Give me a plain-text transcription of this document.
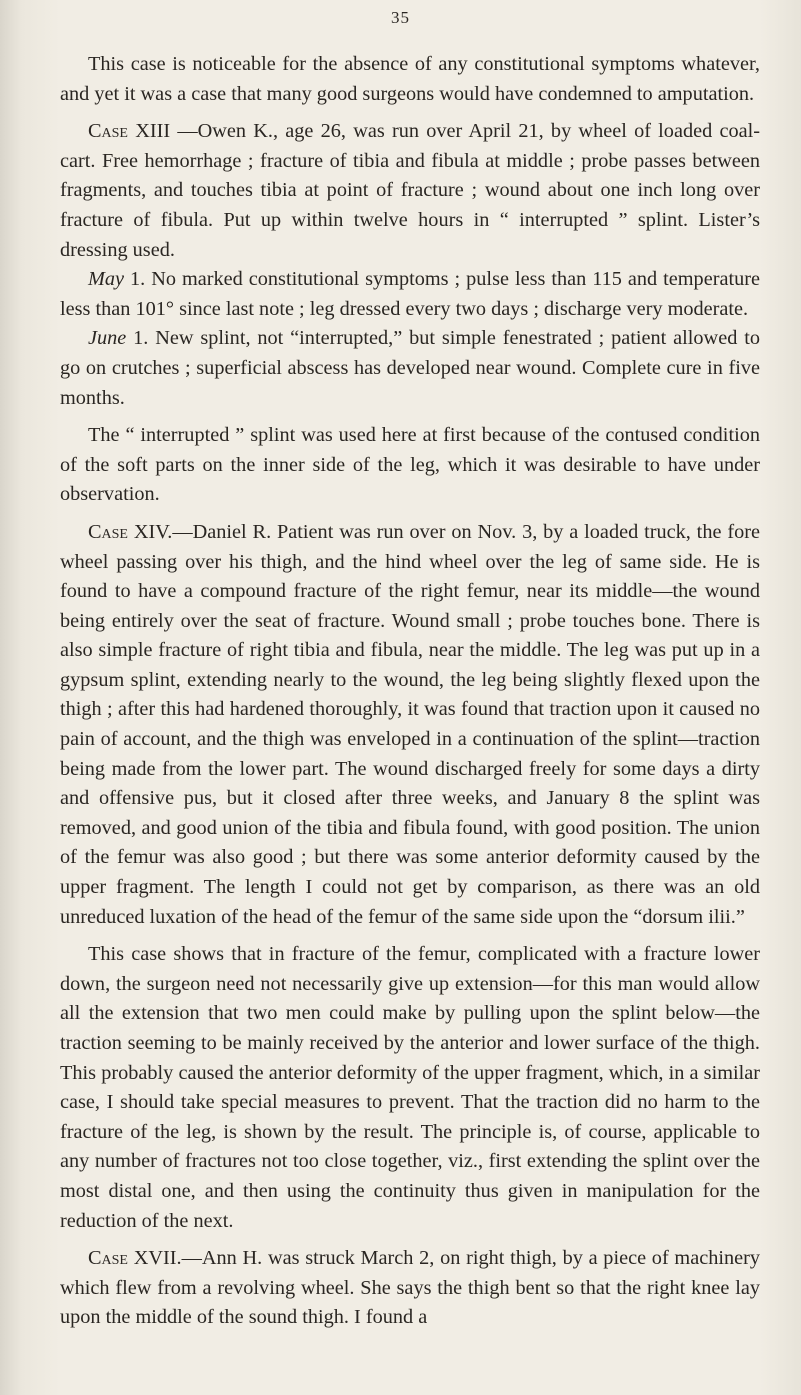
35

This case is noticeable for the absence of any constitutional symptoms whatever, and yet it was a case that many good surgeons would have condemned to amputation.

Case XIII —Owen K., age 26, was run over April 21, by wheel of loaded coal-cart. Free hemorrhage ; fracture of tibia and fibula at middle ; probe passes between fragments, and touches tibia at point of fracture ; wound about one inch long over fracture of fibula. Put up within twelve hours in “ interrupted ” splint. Lister’s dressing used.

May 1. No marked constitutional symptoms ; pulse less than 115 and temperature less than 101° since last note ; leg dressed every two days ; discharge very moderate.

June 1. New splint, not “interrupted,” but simple fenestrated ; patient allowed to go on crutches ; superficial abscess has developed near wound. Complete cure in five months.

The “ interrupted ” splint was used here at first because of the contused condition of the soft parts on the inner side of the leg, which it was desirable to have under observation.

Case XIV.—Daniel R. Patient was run over on Nov. 3, by a loaded truck, the fore wheel passing over his thigh, and the hind wheel over the leg of same side. He is found to have a compound fracture of the right femur, near its middle—the wound being entirely over the seat of fracture. Wound small ; probe touches bone. There is also simple fracture of right tibia and fibula, near the middle. The leg was put up in a gypsum splint, extending nearly to the wound, the leg being slightly flexed upon the thigh ; after this had hardened thoroughly, it was found that traction upon it caused no pain of account, and the thigh was enveloped in a continuation of the splint—traction being made from the lower part. The wound discharged freely for some days a dirty and offensive pus, but it closed after three weeks, and January 8 the splint was removed, and good union of the tibia and fibula found, with good position. The union of the femur was also good ; but there was some anterior deformity caused by the upper fragment. The length I could not get by comparison, as there was an old unreduced luxation of the head of the femur of the same side upon the “dorsum ilii.”

This case shows that in fracture of the femur, complicated with a fracture lower down, the surgeon need not necessarily give up extension—for this man would allow all the extension that two men could make by pulling upon the splint below—the traction seeming to be mainly received by the anterior and lower surface of the thigh. This probably caused the anterior deformity of the upper fragment, which, in a similar case, I should take special measures to prevent. That the traction did no harm to the fracture of the leg, is shown by the result. The principle is, of course, applicable to any number of fractures not too close together, viz., first extending the splint over the most distal one, and then using the continuity thus given in manipulation for the reduction of the next.

Case XVII.—Ann H. was struck March 2, on right thigh, by a piece of machinery which flew from a revolving wheel. She says the thigh bent so that the right knee lay upon the middle of the sound thigh. I found a
